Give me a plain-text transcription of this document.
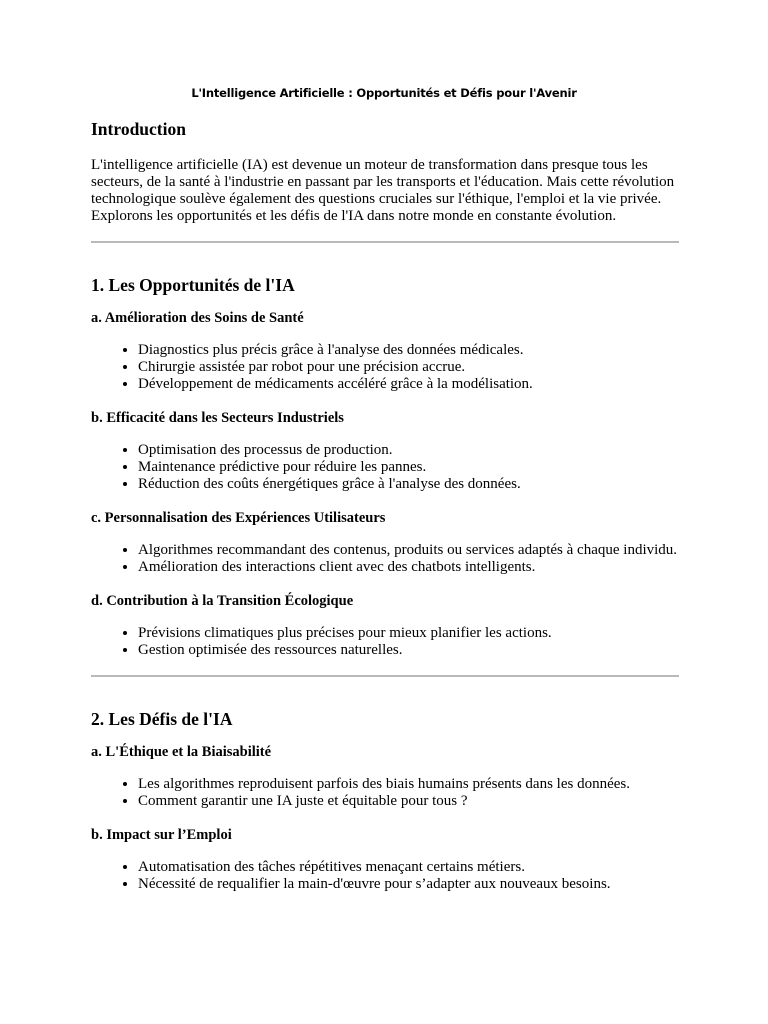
L'Intelligence Artificielle : Opportunités et Défis pour l'Avenir
Introduction

L'intelligence artificielle (IA) est devenue un moteur de transformation dans presque tous les secteurs, de la santé à l'industrie en passant par les transports et l'éducation. Mais cette révolution technologique soulève également des questions cruciales sur l'éthique, l'emploi et la vie privée. Explorons les opportunités et les défis de l'IA dans notre monde en constante évolution.

1. Les Opportunités de l'IA
a. Amélioration des Soins de Santé
• Diagnostics plus précis grâce à l'analyse des données médicales.
• Chirurgie assistée par robot pour une précision accrue.
• Développement de médicaments accéléré grâce à la modélisation.
b. Efficacité dans les Secteurs Industriels
• Optimisation des processus de production.
• Maintenance prédictive pour réduire les pannes.
• Réduction des coûts énergétiques grâce à l'analyse des données.
c. Personnalisation des Expériences Utilisateurs
• Algorithmes recommandant des contenus, produits ou services adaptés à chaque individu.
• Amélioration des interactions client avec des chatbots intelligents.
d. Contribution à la Transition Écologique
• Prévisions climatiques plus précises pour mieux planifier les actions.
• Gestion optimisée des ressources naturelles.
2. Les Défis de l'IA
a. L'Éthique et la Biaisabilité
• Les algorithmes reproduisent parfois des biais humains présents dans les données.
• Comment garantir une IA juste et équitable pour tous ?
b. Impact sur l’Emploi
• Automatisation des tâches répétitives menaçant certains métiers.
• Nécessité de requalifier la main-d'œuvre pour s’adapter aux nouveaux besoins.
